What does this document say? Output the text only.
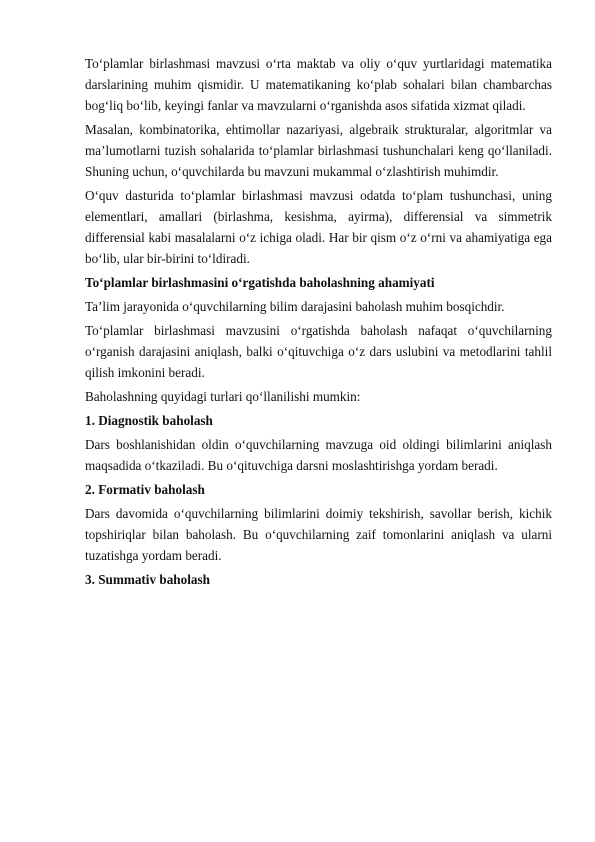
To‘plamlar birlashmasi mavzusi o‘rta maktab va oliy o‘quv yurtlaridagi matematika darslarining muhim qismidir. U matematikaning ko‘plab sohalari bilan chambarchas bog‘liq bo‘lib, keyingi fanlar va mavzularni o‘rganishda asos sifatida xizmat qiladi.

Masalan, kombinatorika, ehtimollar nazariyasi, algebraik strukturalar, algoritmlar va ma’lumotlarni tuzish sohalarida to‘plamlar birlashmasi tushunchalari keng qo‘llaniladi. Shuning uchun, o‘quvchilarda bu mavzuni mukammal o‘zlashtirish muhimdir.

O‘quv dasturida to‘plamlar birlashmasi mavzusi odatda to‘plam tushunchasi, uning elementlari, amallari (birlashma, kesishma, ayirma), differensial va simmetrik differensial kabi masalalarni o‘z ichiga oladi. Har bir qism o‘z o‘rni va ahamiyatiga ega bo‘lib, ular bir-birini to‘ldiradi.

To‘plamlar birlashmasini o‘rgatishda baholashning ahamiyati

Ta’lim jarayonida o‘quvchilarning bilim darajasini baholash muhim bosqichdir.

To‘plamlar birlashmasi mavzusini o‘rgatishda baholash nafaqat o‘quvchilarning o‘rganish darajasini aniqlash, balki o‘qituvchiga o‘z dars uslubini va metodlarini tahlil qilish imkonini beradi.

Baholashning quyidagi turlari qo‘llanilishi mumkin:

1. Diagnostik baholash

Dars boshlanishidan oldin o‘quvchilarning mavzuga oid oldingi bilimlarini aniqlash maqsadida o‘tkaziladi. Bu o‘qituvchiga darsni moslashtirishga yordam beradi.

2. Formativ baholash

Dars davomida o‘quvchilarning bilimlarini doimiy tekshirish, savollar berish, kichik topshiriqlar bilan baholash. Bu o‘quvchilarning zaif tomonlarini aniqlash va ularni tuzatishga yordam beradi.

3. Summativ baholash
